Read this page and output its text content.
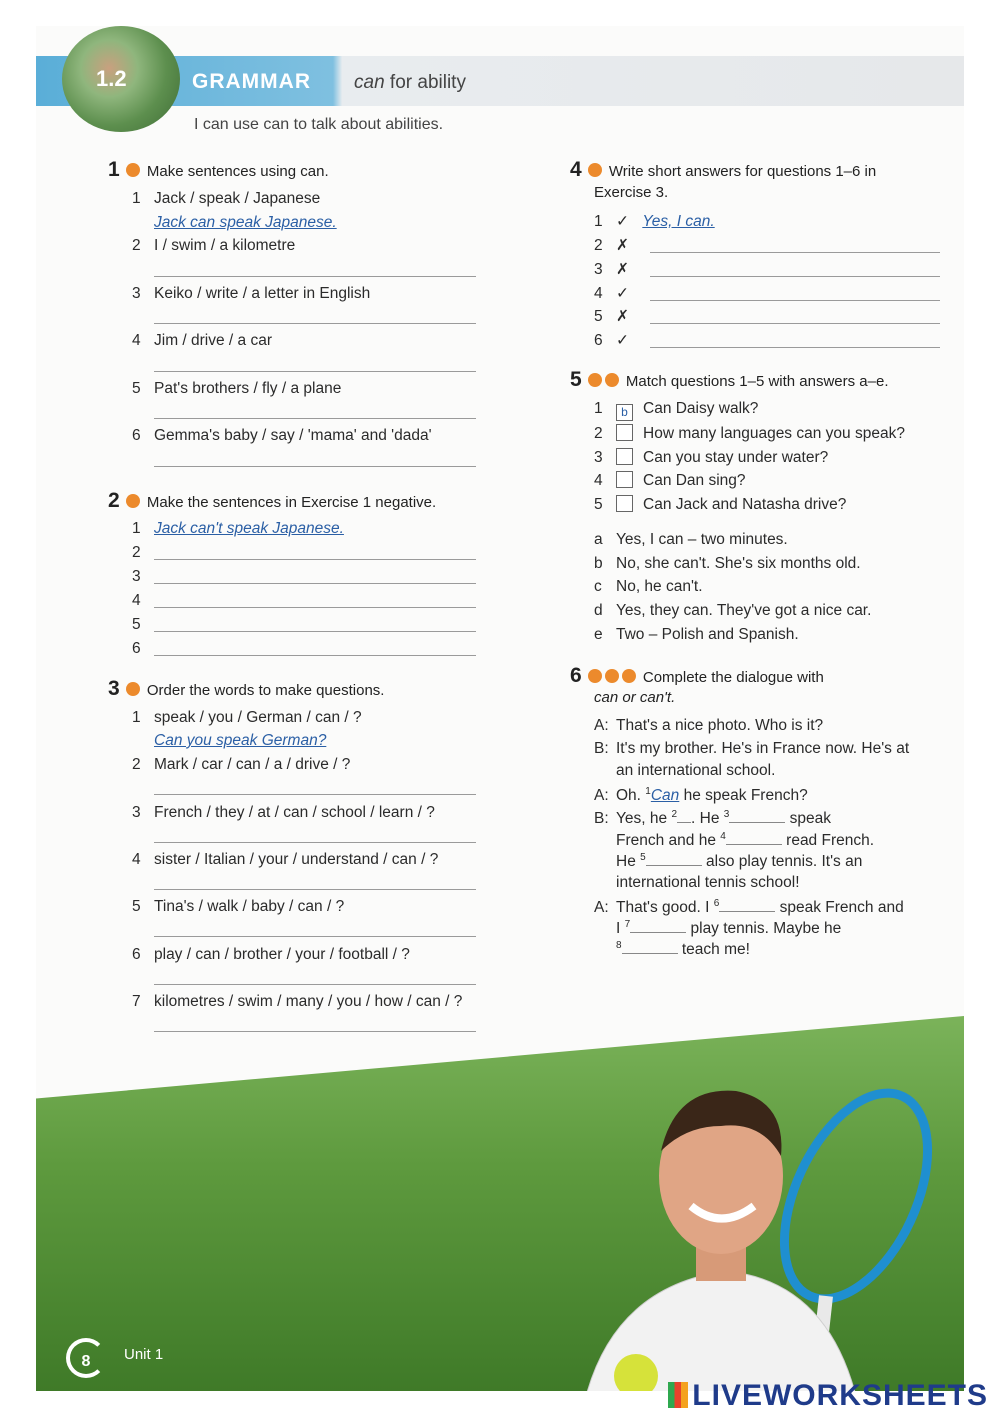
1.2	GRAMMAR can for ability
I can use can to talk about abilities.
1 Make sentences using can.
1 Jack / speak / Japanese
Jack can speak Japanese.
2 I / swim / a kilometre
3 Keiko / write / a letter in English
4 Jim / drive / a car
5 Pat's brothers / fly / a plane
6 Gemma's baby / say / 'mama' and 'dada'
2 Make the sentences in Exercise 1 negative.
1 Jack can't speak Japanese.
2
3
4
5
6
3 Order the words to make questions.
1 speak / you / German / can / ?
Can you speak German?
2 Mark / car / can / a / drive / ?
3 French / they / at / can / school / learn / ?
4 sister / Italian / your / understand / can / ?
5 Tina's / walk / baby / can / ?
6 play / can / brother / your / football / ?
7 kilometres / swim / many / you / how / can / ?
4 Write short answers for questions 1–6 in
Exercise 3.
1 ✓ Yes, I can.
2 ✗
3 ✗
4 ✓
5 ✗
6 ✓
5	Match questions 1–5 with answers a–e.
1 b Can Daisy walk?
2	How many languages can you speak?
3	Can you stay under water?
4	Can Dan sing?
5	Can Jack and Natasha drive?
a Yes, I can – two minutes.
b No, she can't. She's six months old.
c No, he can't.
d Yes, they can. They've got a nice car.
e Two – Polish and Spanish.
6	Complete the dialogue with
can or can't.
A: That's a nice photo. Who is it?
B: It's my brother. He's in France now. He's at
an international school.
A: Oh. $^1$Can he speak French?
B: Yes, he $^2$ . He $^3$	speak
French and he $^4$	read French.
He $^5$	also play tennis. It's an
international tennis school!
A: That's good. I $^6$	speak French and
I $^7$	play tennis. Maybe he
$^8$	teach me!
8	Unit 1
LIVEWORKSHEETS
